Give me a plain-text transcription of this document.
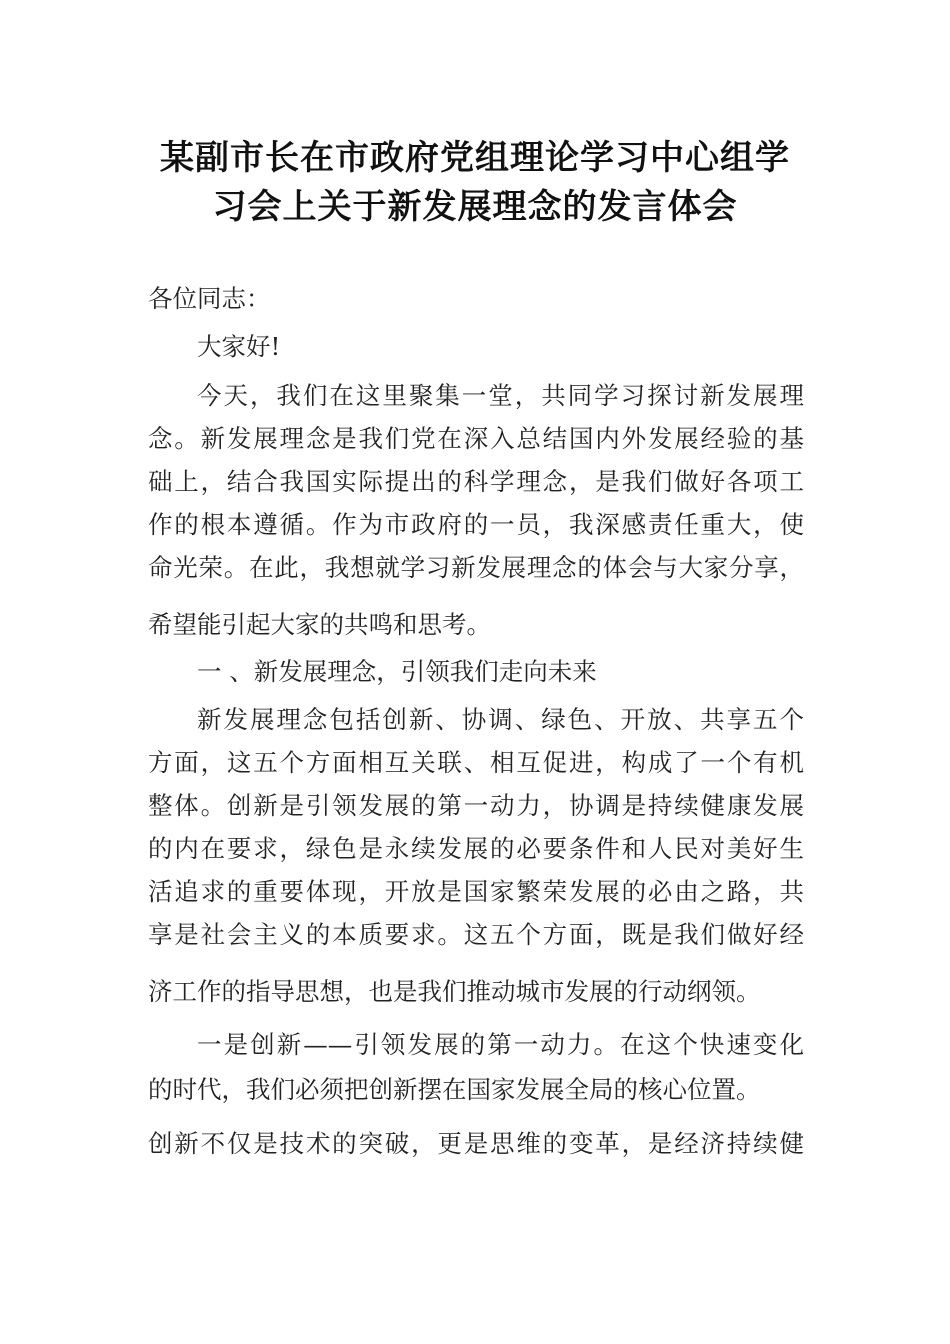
某副市长在市政府党组理论学习中心组学
习会上关于新发展理念的发言体会
各位同志：
大家好!
今天，我们在这里聚集一堂，共同学习探讨新发展理
念。新发展理念是我们党在深入总结国内外发展经验的基
础上，结合我国实际提出的科学理念，是我们做好各项工
作的根本遵循。作为市政府的一员，我深感责任重大，使
命光荣。在此，我想就学习新发展理念的体会与大家分享，
希望能引起大家的共鸣和思考。
一 、新发展理念，引领我们走向未来
新发展理念包括创新、协调、绿色、开放、共享五个
方面，这五个方面相互关联、相互促进，构成了一个有机
整体。创新是引领发展的第一动力，协调是持续健康发展
的内在要求，绿色是永续发展的必要条件和人民对美好生
活追求的重要体现，开放是国家繁荣发展的必由之路，共
享是社会主义的本质要求。这五个方面，既是我们做好经
济工作的指导思想，也是我们推动城市发展的行动纲领。
一是创新——引领发展的第一动力。在这个快速变化
的时代，我们必须把创新摆在国家发展全局的核心位置。
创新不仅是技术的突破，更是思维的变革，是经济持续健
